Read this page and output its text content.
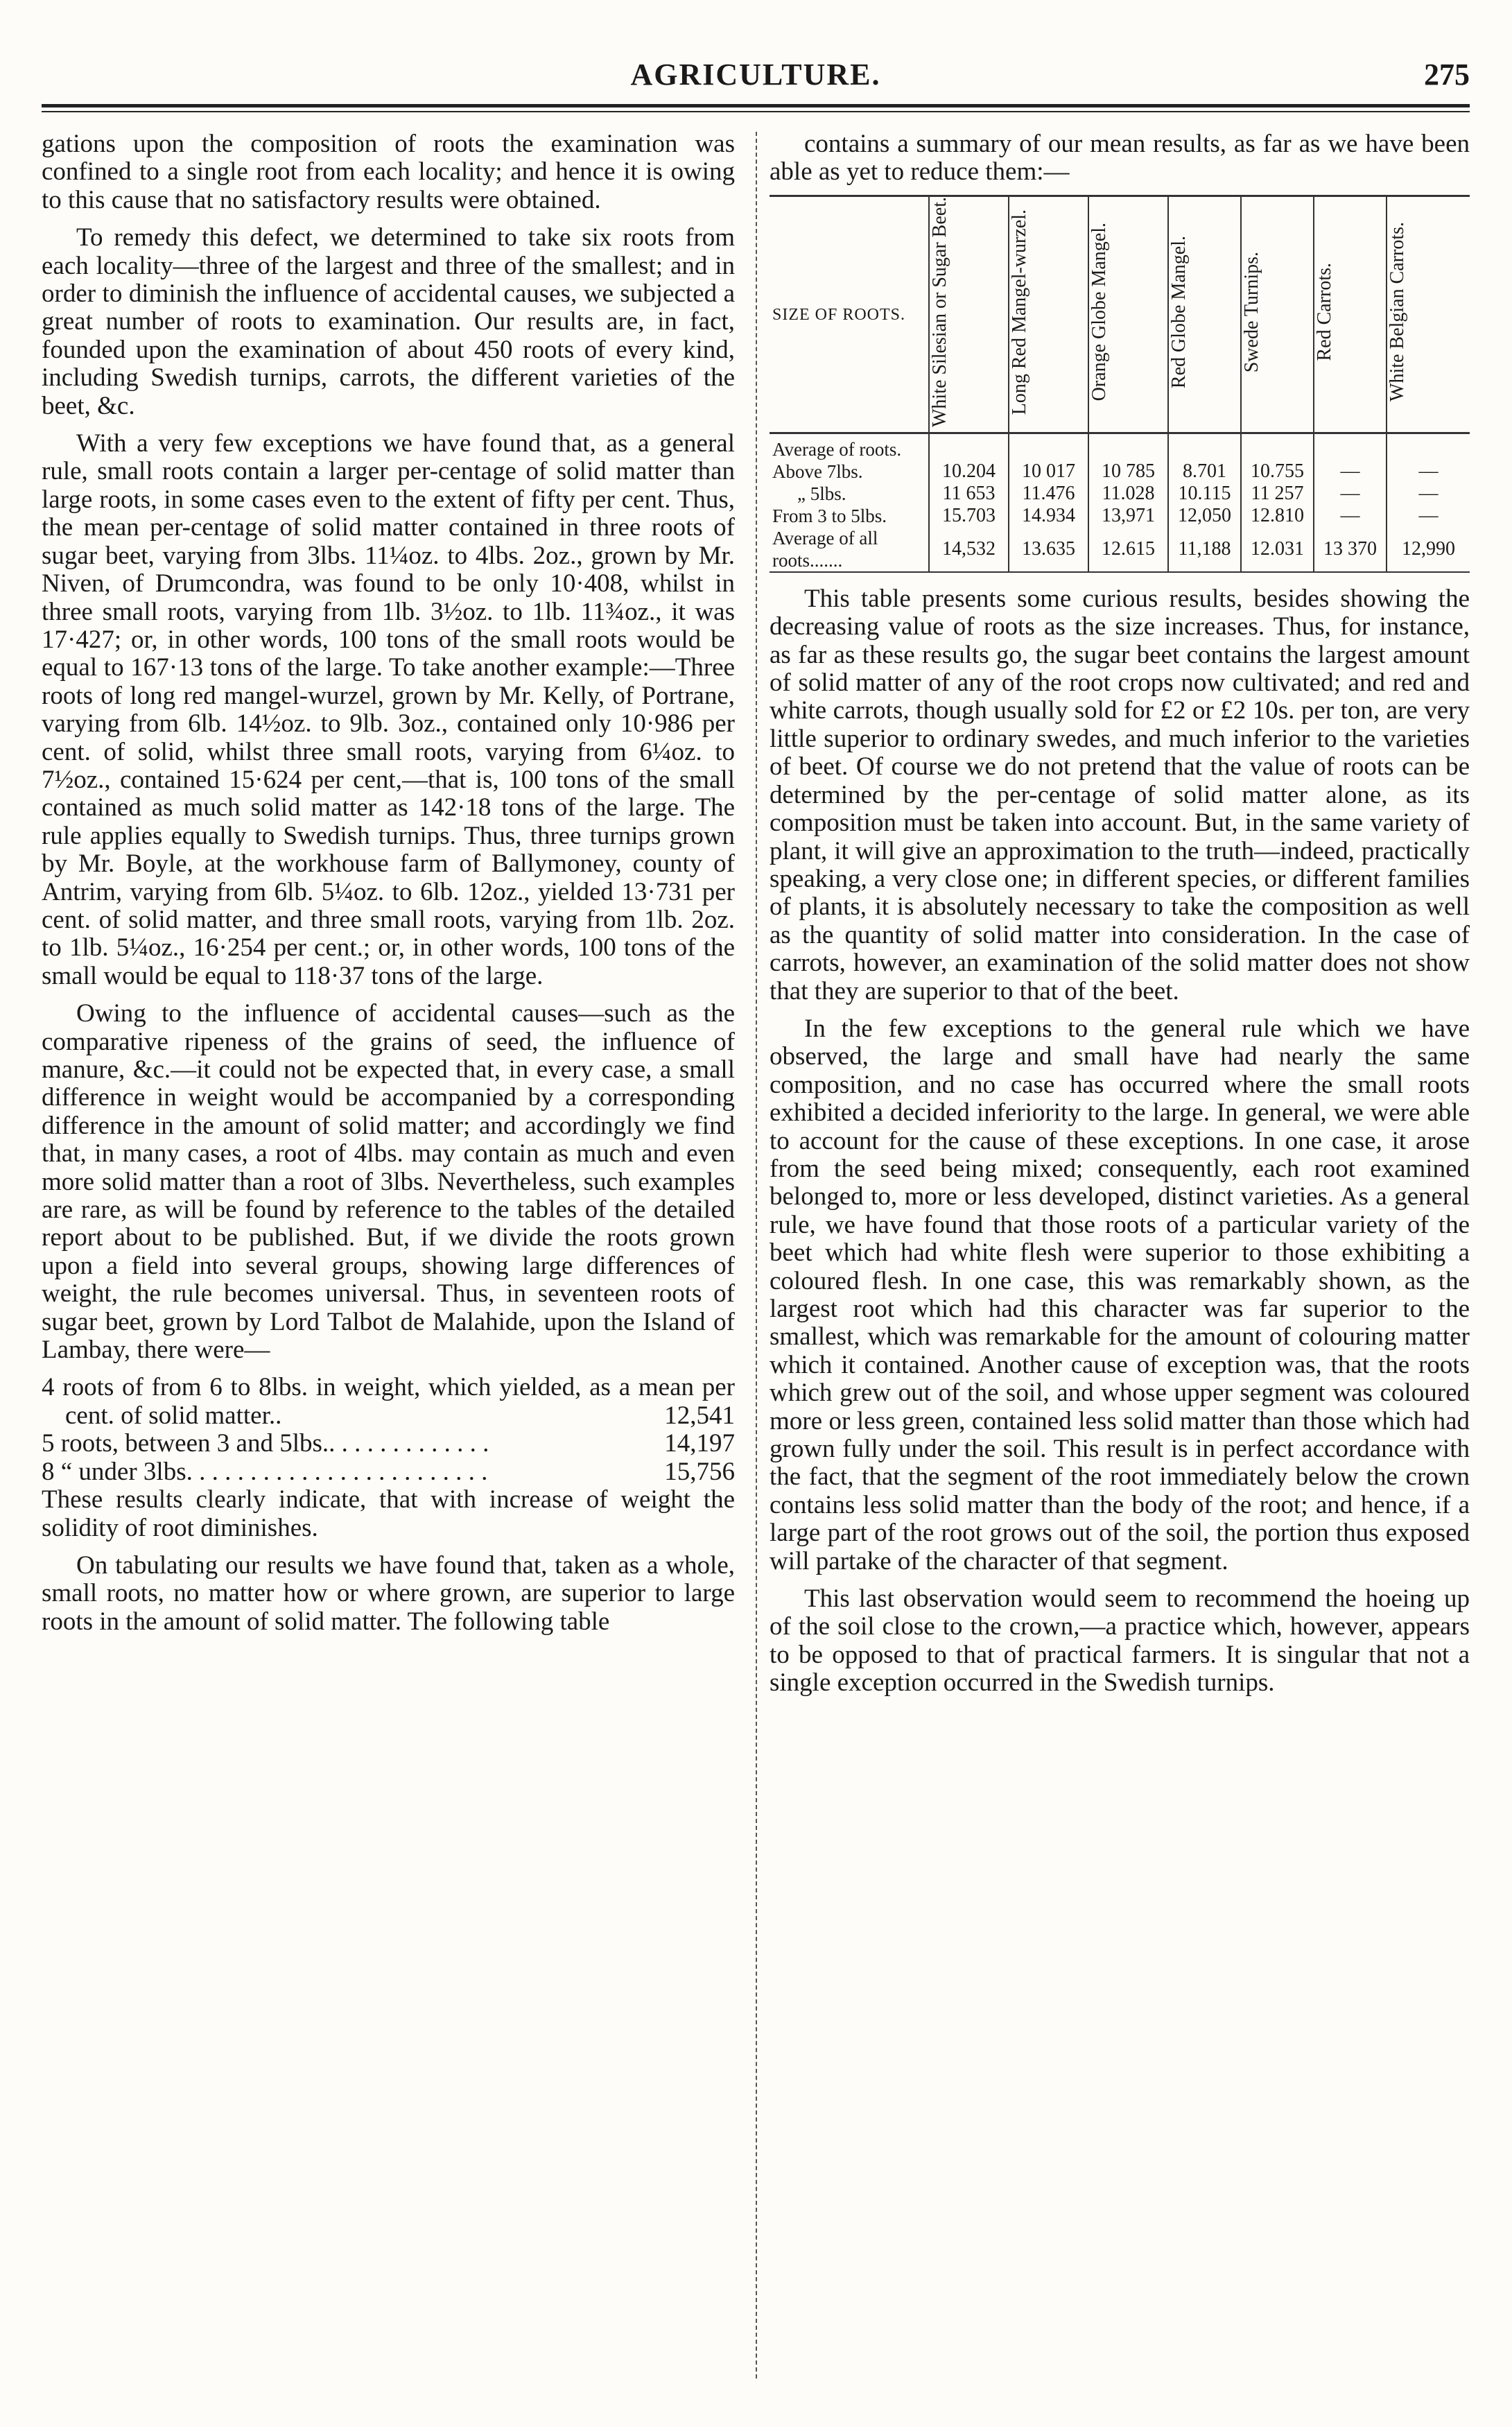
AGRICULTURE.	275

gations upon the composition of roots the examination was confined to a single root from each locality; and hence it is owing to this cause that no satisfactory results were obtained.

To remedy this defect, we determined to take six roots from each locality—three of the largest and three of the smallest; and in order to diminish the influence of accidental causes, we subjected a great number of roots to examination. Our results are, in fact, founded upon the examination of about 450 roots of every kind, including Swedish turnips, carrots, the different varieties of the beet, &c.

With a very few exceptions we have found that, as a general rule, small roots contain a larger per-centage of solid matter than large roots, in some cases even to the extent of fifty per cent. Thus, the mean per-centage of solid matter contained in three roots of sugar beet, varying from 3lbs. 11¼oz. to 4lbs. 2oz., grown by Mr. Niven, of Drumcondra, was found to be only 10·408, whilst in three small roots, varying from 1lb. 3½oz. to 1lb. 11¾oz., it was 17·427; or, in other words, 100 tons of the small roots would be equal to 167·13 tons of the large. To take another example:—Three roots of long red mangel-wurzel, grown by Mr. Kelly, of Portrane, varying from 6lb. 14½oz. to 9lb. 3oz., contained only 10·986 per cent. of solid, whilst three small roots, varying from 6¼oz. to 7½oz., contained 15·624 per cent,—that is, 100 tons of the small contained as much solid matter as 142·18 tons of the large. The rule applies equally to Swedish turnips. Thus, three turnips grown by Mr. Boyle, at the workhouse farm of Ballymoney, county of Antrim, varying from 6lb. 5¼oz. to 6lb. 12oz., yielded 13·731 per cent. of solid matter, and three small roots, varying from 1lb. 2oz. to 1lb. 5¼oz., 16·254 per cent.; or, in other words, 100 tons of the small would be equal to 118·37 tons of the large.

Owing to the influence of accidental causes—such as the comparative ripeness of the grains of seed, the influence of manure, &c.—it could not be expected that, in every case, a small difference in weight would be accompanied by a corresponding difference in the amount of solid matter; and accordingly we find that, in many cases, a root of 4lbs. may contain as much and even more solid matter than a root of 3lbs. Nevertheless, such examples are rare, as will be found by reference to the tables of the detailed report about to be published. But, if we divide the roots grown upon a field into several groups, showing large differences of weight, the rule becomes universal. Thus, in seventeen roots of sugar beet, grown by Lord Talbot de Malahide, upon the Island of Lambay, there were—

4 roots of from 6 to 8lbs. in weight, which yielded, as a mean per cent. of solid matter..	12,541

5 roots, between 3 and 5lbs.. . . . . . . . . . . . .	14,197

8 “ under 3lbs. . . . . . . . . . . . . . . . . . . . . . . .	15,756

These results clearly indicate, that with increase of weight the solidity of root diminishes.

On tabulating our results we have found that, taken as a whole, small roots, no matter how or where grown, are superior to large roots in the amount of solid matter. The following table

contains a summary of our mean results, as far as we have been able as yet to reduce them:—

SIZE OF ROOTS.	White Silesian or Sugar Beet.	Long Red Mangel-wurzel.	Orange Globe Mangel.	Red Globe Mangel.	Swede Turnips.	Red Carrots.	White Belgian Carrots.

Average of roots.							
Above 7lbs.	10.204	10 017	10 785	8.701	10.755	—	—
„ 5lbs.	11 653	11.476	11.028	10.115	11 257	—	—
From 3 to 5lbs.	15.703	14.934	13,971	12,050	12.810	—	—
Average of all roots.......	14,532	13.635	12.615	11,188	12.031	13 370	12,990

This table presents some curious results, besides showing the decreasing value of roots as the size increases. Thus, for instance, as far as these results go, the sugar beet contains the largest amount of solid matter of any of the root crops now cultivated; and red and white carrots, though usually sold for £2 or £2 10s. per ton, are very little superior to ordinary swedes, and much inferior to the varieties of beet. Of course we do not pretend that the value of roots can be determined by the per-centage of solid matter alone, as its composition must be taken into account. But, in the same variety of plant, it will give an approximation to the truth—indeed, practically speaking, a very close one; in different species, or different families of plants, it is absolutely necessary to take the composition as well as the quantity of solid matter into consideration. In the case of carrots, however, an examination of the solid matter does not show that they are superior to that of the beet.

In the few exceptions to the general rule which we have observed, the large and small have had nearly the same composition, and no case has occurred where the small roots exhibited a decided inferiority to the large. In general, we were able to account for the cause of these exceptions. In one case, it arose from the seed being mixed; consequently, each root examined belonged to, more or less developed, distinct varieties. As a general rule, we have found that those roots of a particular variety of the beet which had white flesh were superior to those exhibiting a coloured flesh. In one case, this was remarkably shown, as the largest root which had this character was far superior to the smallest, which was remarkable for the amount of colouring matter which it contained. Another cause of exception was, that the roots which grew out of the soil, and whose upper segment was coloured more or less green, contained less solid matter than those which had grown fully under the soil. This result is in perfect accordance with the fact, that the segment of the root immediately below the crown contains less solid matter than the body of the root; and hence, if a large part of the root grows out of the soil, the portion thus exposed will partake of the character of that segment.

This last observation would seem to recommend the hoeing up of the soil close to the crown,—a practice which, however, appears to be opposed to that of practical farmers. It is singular that not a single exception occurred in the Swedish turnips.
